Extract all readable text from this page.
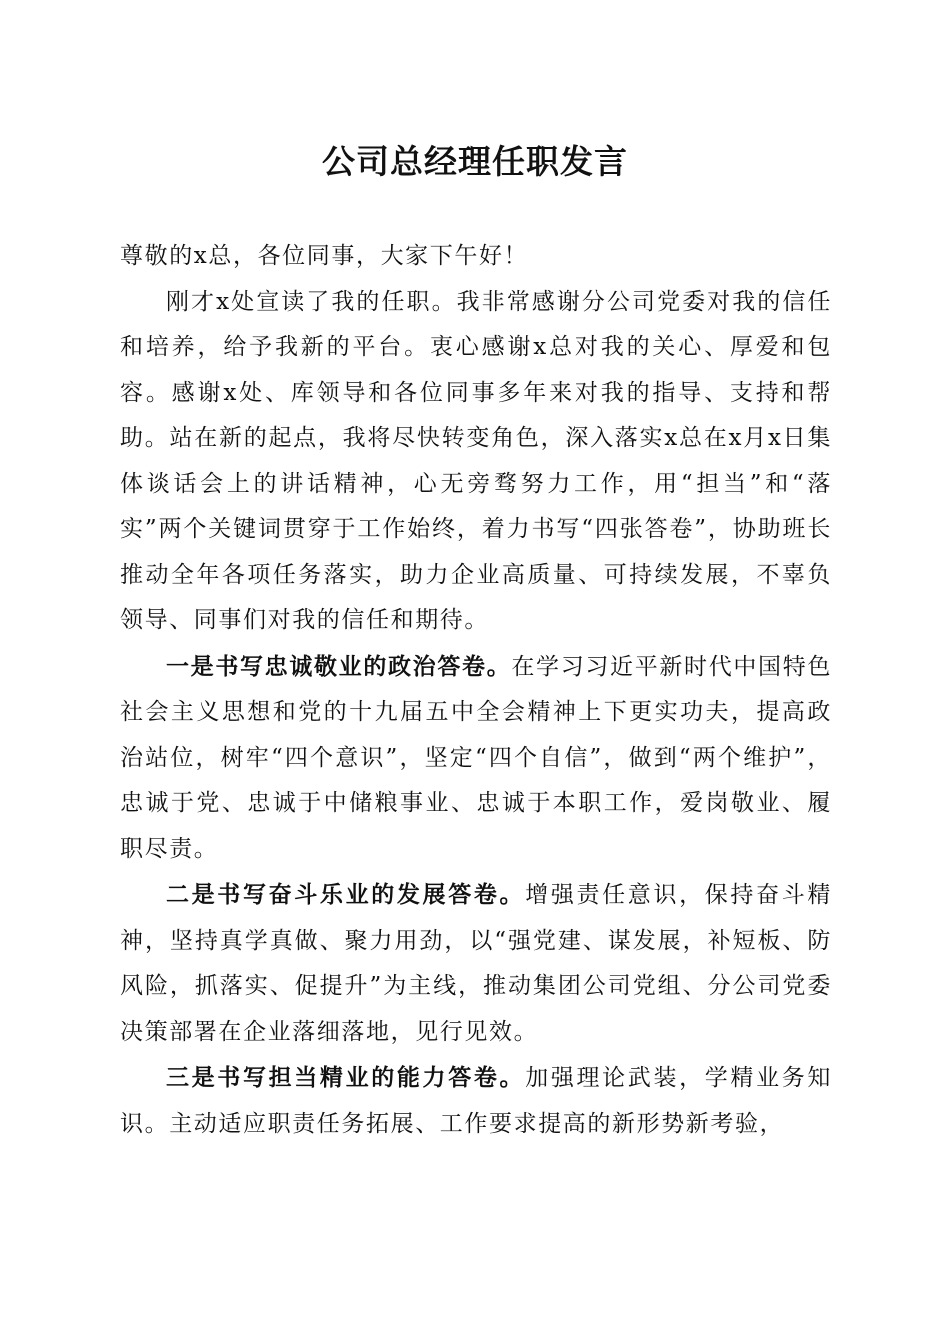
公司总经理任职发言

尊敬的x总，各位同事，大家下午好！

刚才x处宣读了我的任职。我非常感谢分公司党委对我的信任和培养，给予我新的平台。衷心感谢x总对我的关心、厚爱和包容。感谢x处、库领导和各位同事多年来对我的指导、支持和帮助。站在新的起点，我将尽快转变角色，深入落实x总在x月x日集体谈话会上的讲话精神，心无旁骛努力工作，用“担当”和“落实”两个关键词贯穿于工作始终，着力书写“四张答卷”，协助班长推动全年各项任务落实，助力企业高质量、可持续发展，不辜负领导、同事们对我的信任和期待。

一是书写忠诚敬业的政治答卷。在学习习近平新时代中国特色社会主义思想和党的十九届五中全会精神上下更实功夫，提高政治站位，树牢“四个意识”，坚定“四个自信”，做到“两个维护”，忠诚于党、忠诚于中储粮事业、忠诚于本职工作，爱岗敬业、履职尽责。

二是书写奋斗乐业的发展答卷。增强责任意识，保持奋斗精神，坚持真学真做、聚力用劲，以“强党建、谋发展，补短板、防风险，抓落实、促提升”为主线，推动集团公司党组、分公司党委决策部署在企业落细落地，见行见效。

三是书写担当精业的能力答卷。加强理论武装，学精业务知识。主动适应职责任务拓展、工作要求提高的新形势新考验，
